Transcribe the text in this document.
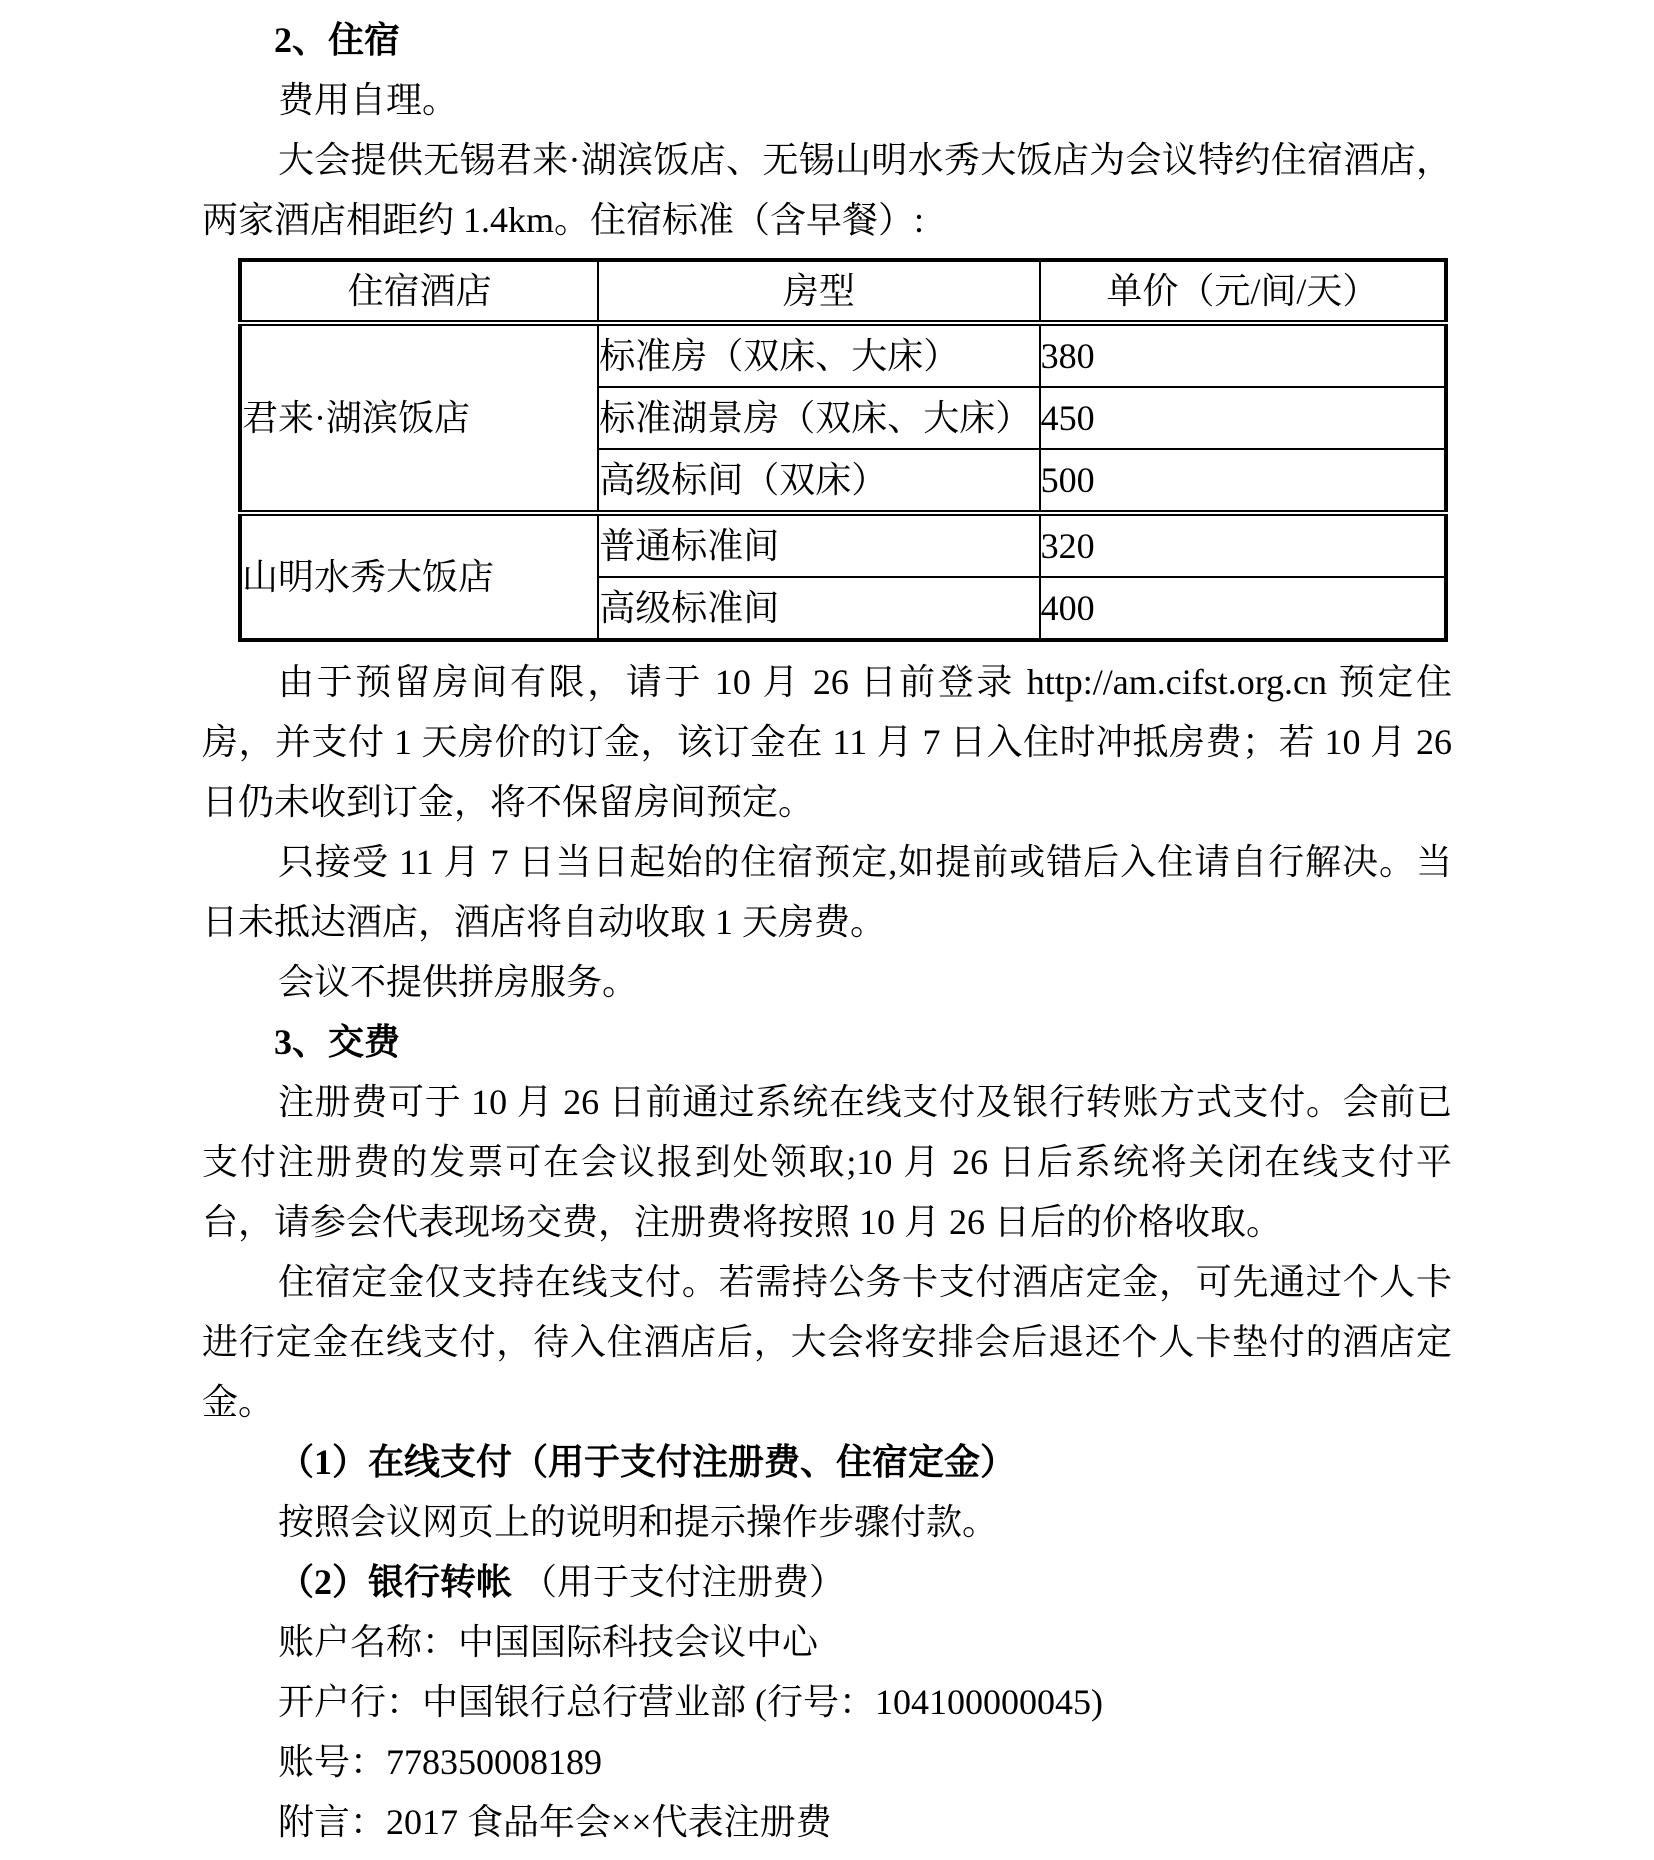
2、住宿

费用自理。

大会提供无锡君来·湖滨饭店、无锡山明水秀大饭店为会议特约住宿酒店，两家酒店相距约 1.4km。住宿标准（含早餐）:

住宿酒店	房型	单价（元/间/天）
君来·湖滨饭店	标准房（双床、大床）	380
	标准湖景房（双床、大床）	450
	高级标间（双床）	500
山明水秀大饭店	普通标准间	320
	高级标准间	400

由于预留房间有限，请于 10 月 26 日前登录 http://am.cifst.org.cn 预定住房，并支付 1 天房价的订金，该订金在 11 月 7 日入住时冲抵房费；若 10 月 26 日仍未收到订金，将不保留房间预定。

只接受 11 月 7 日当日起始的住宿预定,如提前或错后入住请自行解决。当日未抵达酒店，酒店将自动收取 1 天房费。

会议不提供拼房服务。

3、交费

注册费可于 10 月 26 日前通过系统在线支付及银行转账方式支付。会前已支付注册费的发票可在会议报到处领取;10 月 26 日后系统将关闭在线支付平台，请参会代表现场交费，注册费将按照 10 月 26 日后的价格收取。

住宿定金仅支持在线支付。若需持公务卡支付酒店定金，可先通过个人卡进行定金在线支付，待入住酒店后，大会将安排会后退还个人卡垫付的酒店定金。

（1）在线支付（用于支付注册费、住宿定金）

按照会议网页上的说明和提示操作步骤付款。

（2）银行转帐 （用于支付注册费）

账户名称：中国国际科技会议中心

开户行：中国银行总行营业部 (行号：104100000045)

账号：778350008189

附言：2017 食品年会××代表注册费
